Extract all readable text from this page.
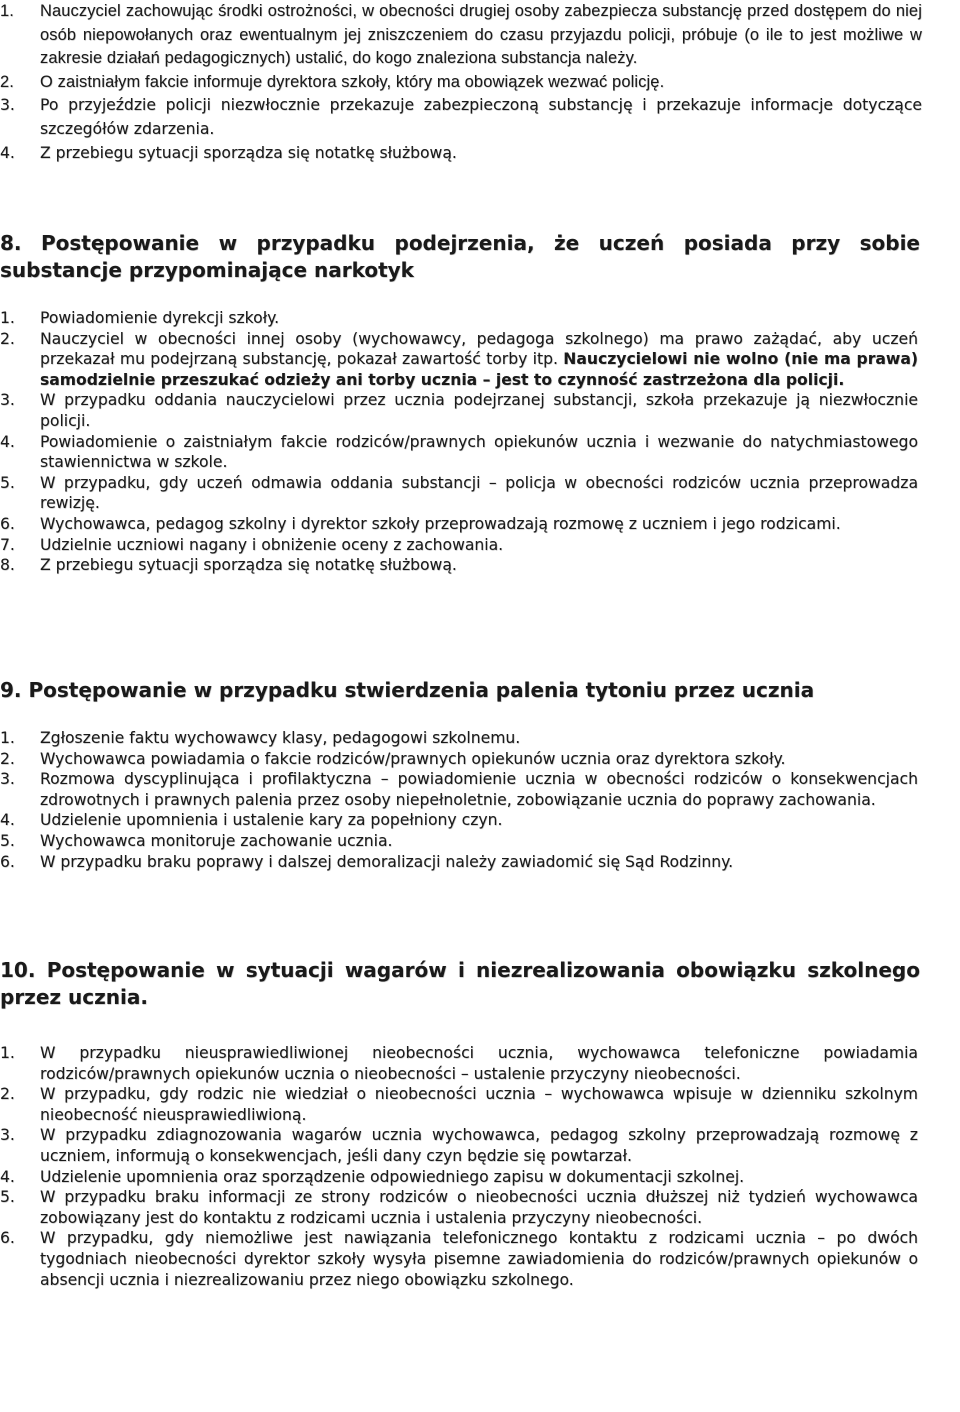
1.	Nauczyciel zachowując środki ostrożności, w obecności drugiej osoby zabezpiecza substancję przed dostępem do niej osób niepowołanych oraz ewentualnym jej zniszczeniem do czasu przyjazdu policji, próbuje (o ile to jest możliwe w zakresie działań pedagogicznych) ustalić, do kogo znaleziona substancja należy.
2.	O zaistniałym fakcie informuje dyrektora szkoły, który ma obowiązek wezwać policję.
3.	Po przyjeździe policji niezwłocznie przekazuje zabezpieczoną substancję i przekazuje informacje dotyczące szczegółów zdarzenia.
4.	Z przebiegu sytuacji sporządza się notatkę służbową.
8. Postępowanie w przypadku podejrzenia, że uczeń posiada przy sobie substancje przypominające narkotyk
1.	Powiadomienie dyrekcji szkoły.
2.	Nauczyciel w obecności innej osoby (wychowawcy, pedagoga szkolnego) ma prawo zażądać, aby uczeń przekazał mu podejrzaną substancję, pokazał zawartość torby itp. Nauczycielowi nie wolno (nie ma prawa) samodzielnie przeszukać odzieży ani torby ucznia – jest to czynność zastrzeżona dla policji.
3.	W przypadku oddania nauczycielowi przez ucznia podejrzanej substancji, szkoła przekazuje ją niezwłocznie policji.
4.	Powiadomienie o zaistniałym fakcie rodziców/prawnych opiekunów ucznia i wezwanie do natychmiastowego stawiennictwa w szkole.
5.	W przypadku, gdy uczeń odmawia oddania substancji – policja w obecności rodziców ucznia przeprowadza rewizję.
6.	Wychowawca, pedagog szkolny i dyrektor szkoły przeprowadzają rozmowę z uczniem i jego rodzicami.
7.	Udzielnie uczniowi nagany i obniżenie oceny z zachowania.
8.	Z przebiegu sytuacji sporządza się notatkę służbową.
9. Postępowanie w przypadku stwierdzenia palenia tytoniu przez ucznia
1.	Zgłoszenie faktu wychowawcy klasy, pedagogowi szkolnemu.
2.	Wychowawca powiadamia o fakcie rodziców/prawnych opiekunów ucznia oraz dyrektora szkoły.
3.	Rozmowa dyscyplinująca i profilaktyczna – powiadomienie ucznia w obecności rodziców o konsekwencjach zdrowotnych i prawnych palenia przez osoby niepełnoletnie, zobowiązanie ucznia do poprawy zachowania.
4.	Udzielenie upomnienia i ustalenie kary za popełniony czyn.
5.	Wychowawca monitoruje zachowanie ucznia.
6.	W przypadku braku poprawy i dalszej demoralizacji należy zawiadomić się Sąd Rodzinny.
10. Postępowanie w sytuacji wagarów i niezrealizowania obowiązku szkolnego przez ucznia.
1.	W przypadku nieusprawiedliwionej nieobecności ucznia, wychowawca telefoniczne powiadamia rodziców/prawnych opiekunów ucznia o nieobecności – ustalenie przyczyny nieobecności.
2.	W przypadku, gdy rodzic nie wiedział o nieobecności ucznia – wychowawca wpisuje w dzienniku szkolnym nieobecność nieusprawiedliwioną.
3.	W przypadku zdiagnozowania wagarów ucznia wychowawca, pedagog szkolny przeprowadzają rozmowę z uczniem, informują o konsekwencjach, jeśli dany czyn będzie się powtarzał.
4.	Udzielenie upomnienia oraz sporządzenie odpowiedniego zapisu w dokumentacji szkolnej.
5.	W przypadku braku informacji ze strony rodziców o nieobecności ucznia dłuższej niż tydzień wychowawca zobowiązany jest do kontaktu z rodzicami ucznia i ustalenia przyczyny nieobecności.
6.	W przypadku, gdy niemożliwe jest nawiązania telefonicznego kontaktu z rodzicami ucznia – po dwóch tygodniach nieobecności dyrektor szkoły wysyła pisemne zawiadomienia do rodziców/prawnych opiekunów o absencji ucznia i niezrealizowaniu przez niego obowiązku szkolnego.
